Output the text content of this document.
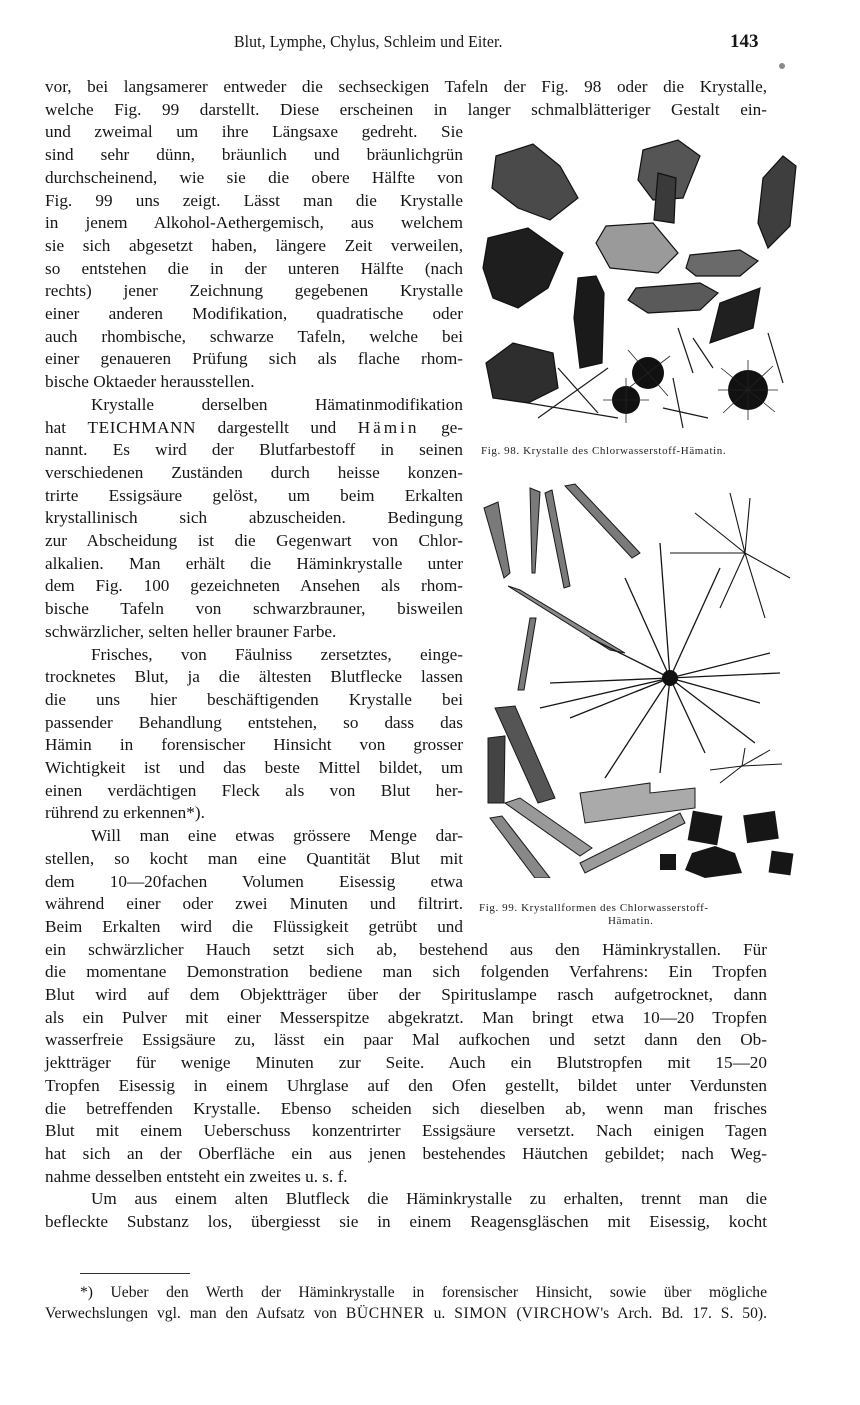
Blut, Lymphe, Chylus, Schleim und Eiter.	143
vor, bei langsamerer entweder die sechseckigen Tafeln der Fig. 98 oder die Krystalle,
welche Fig. 99 darstellt. Diese erscheinen in langer schmalblätteriger Gestalt ein-
und zweimal um ihre Längsaxe gedreht. Sie
sind sehr dünn, bräunlich und bräunlichgrün
durchscheinend, wie sie die obere Hälfte von
Fig. 99 uns zeigt. Lässt man die Krystalle
in jenem Alkohol-Aethergemisch, aus welchem
sie sich abgesetzt haben, längere Zeit verweilen,
so entstehen die in der unteren Hälfte (nach
rechts) jener Zeichnung gegebenen Krystalle
einer anderen Modifikation, quadratische oder
auch rhombische, schwarze Tafeln, welche bei
einer genaueren Prüfung sich als flache rhom-
bische Oktaeder herausstellen.
Krystalle derselben Hämatinmodifikation
hat TEICHMANN dargestellt und Hämin ge-
nannt. Es wird der Blutfarbestoff in seinen
verschiedenen Zuständen durch heisse konzen-
trirte Essigsäure gelöst, um beim Erkalten
krystallinisch sich abzuscheiden. Bedingung
zur Abscheidung ist die Gegenwart von Chlor-
alkalien. Man erhält die Häminkrystalle unter
dem Fig. 100 gezeichneten Ansehen als rhom-
bische Tafeln von schwarzbrauner, bisweilen
schwärzlicher, selten heller brauner Farbe.
Frisches, von Fäulniss zersetztes, einge-
trocknetes Blut, ja die ältesten Blutflecke lassen
die uns hier beschäftigenden Krystalle bei
passender Behandlung entstehen, so dass das
Hämin in forensischer Hinsicht von grosser
Wichtigkeit ist und das beste Mittel bildet, um
einen verdächtigen Fleck als von Blut her-
rührend zu erkennen*).
Will man eine etwas grössere Menge dar-
stellen, so kocht man eine Quantität Blut mit
dem 10—20fachen Volumen Eisessig etwa
während einer oder zwei Minuten und filtrirt.
Beim Erkalten wird die Flüssigkeit getrübt und
ein schwärzlicher Hauch setzt sich ab, bestehend aus den Häminkrystallen. Für
die momentane Demonstration bediene man sich folgenden Verfahrens: Ein Tropfen
Blut wird auf dem Objektträger über der Spirituslampe rasch aufgetrocknet, dann
als ein Pulver mit einer Messerspitze abgekratzt. Man bringt etwa 10—20 Tropfen
wasserfreie Essigsäure zu, lässt ein paar Mal aufkochen und setzt dann den Ob-
jektträger für wenige Minuten zur Seite. Auch ein Blutstropfen mit 15—20
Tropfen Eisessig in einem Uhrglase auf den Ofen gestellt, bildet unter Verdunsten
die betreffenden Krystalle. Ebenso scheiden sich dieselben ab, wenn man frisches
Blut mit einem Ueberschuss konzentrirter Essigsäure versetzt. Nach einigen Tagen
hat sich an der Oberfläche ein aus jenen bestehendes Häutchen gebildet; nach Weg-
nahme desselben entsteht ein zweites u. s. f.
Um aus einem alten Blutfleck die Häminkrystalle zu erhalten, trennt man die
befleckte Substanz los, übergiesst sie in einem Reagensgläschen mit Eisessig, kocht
Fig. 98. Krystalle des Chlorwasserstoff-Hämatin.
Fig. 99. Krystallformen des Chlorwasserstoff-
Hämatin.
*) Ueber den Werth der Häminkrystalle in forensischer Hinsicht, sowie über mögliche
Verwechslungen vgl. man den Aufsatz von BÜCHNER u. SIMON (VIRCHOW's Arch. Bd. 17. S. 50).
